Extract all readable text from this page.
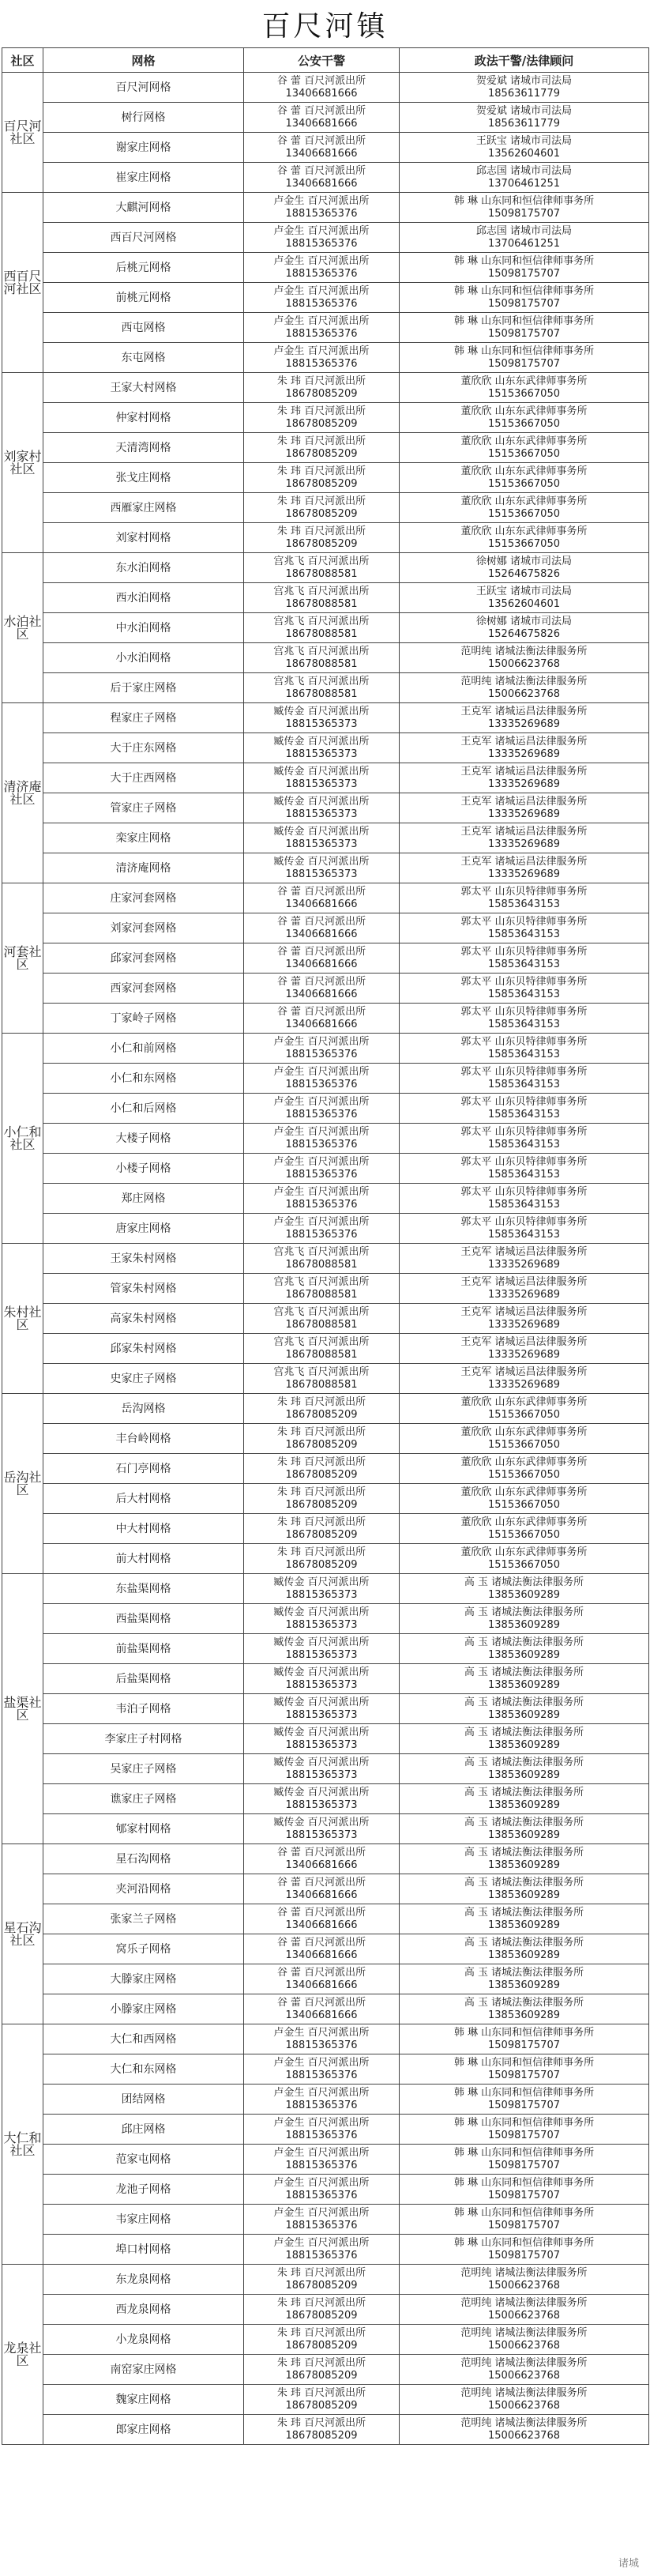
百尺河镇
社区	网格	公安干警	政法干警/法律顾问
百尺河社区	百尺河网格	谷 蕾 百尺河派出所
13406681666	贺爱斌 诸城市司法局
18563611779

	树行网格	谷 蕾 百尺河派出所
13406681666	贺爱斌 诸城市司法局
18563611779

	谢家庄网格	谷 蕾 百尺河派出所
13406681666	王跃宝 诸城市司法局
13562604601

	崔家庄网格	谷 蕾 百尺河派出所
13406681666	邱志国 诸城市司法局
13706461251

西百尺河社区	大麒河网格	卢金生 百尺河派出所
18815365376	韩 琳 山东同和恒信律师事务所
15098175707

	西百尺河网格	卢金生 百尺河派出所
18815365376	邱志国 诸城市司法局
13706461251

	后桃元网格	卢金生 百尺河派出所
18815365376	韩 琳 山东同和恒信律师事务所
15098175707

	前桃元网格	卢金生 百尺河派出所
18815365376	韩 琳 山东同和恒信律师事务所
15098175707

	西屯网格	卢金生 百尺河派出所
18815365376	韩 琳 山东同和恒信律师事务所
15098175707

	东屯网格	卢金生 百尺河派出所
18815365376	韩 琳 山东同和恒信律师事务所
15098175707

刘家村社区	王家大村网格	朱 玮 百尺河派出所
18678085209	董欣欣 山东东武律师事务所
15153667050

	仲家村网格	朱 玮 百尺河派出所
18678085209	董欣欣 山东东武律师事务所
15153667050

	天清湾网格	朱 玮 百尺河派出所
18678085209	董欣欣 山东东武律师事务所
15153667050

	张戈庄网格	朱 玮 百尺河派出所
18678085209	董欣欣 山东东武律师事务所
15153667050

	西雁家庄网格	朱 玮 百尺河派出所
18678085209	董欣欣 山东东武律师事务所
15153667050

	刘家村网格	朱 玮 百尺河派出所
18678085209	董欣欣 山东东武律师事务所
15153667050

水泊社区	东水泊网格	宫兆飞 百尺河派出所
18678088581	徐树娜 诸城市司法局
15264675826

	西水泊网格	宫兆飞 百尺河派出所
18678088581	王跃宝 诸城市司法局
13562604601

	中水泊网格	宫兆飞 百尺河派出所
18678088581	徐树娜 诸城市司法局
15264675826

	小水泊网格	宫兆飞 百尺河派出所
18678088581	范明纯 诸城法衡法律服务所
15006623768

	后于家庄网格	宫兆飞 百尺河派出所
18678088581	范明纯 诸城法衡法律服务所
15006623768

清济庵社区	程家庄子网格	臧传金 百尺河派出所
18815365373	王克军 诸城运昌法律服务所
13335269689

	大于庄东网格	臧传金 百尺河派出所
18815365373	王克军 诸城运昌法律服务所
13335269689

	大于庄西网格	臧传金 百尺河派出所
18815365373	王克军 诸城运昌法律服务所
13335269689

	管家庄子网格	臧传金 百尺河派出所
18815365373	王克军 诸城运昌法律服务所
13335269689

	栾家庄网格	臧传金 百尺河派出所
18815365373	王克军 诸城运昌法律服务所
13335269689

	清济庵网格	臧传金 百尺河派出所
18815365373	王克军 诸城运昌法律服务所
13335269689

河套社区	庄家河套网格	谷 蕾 百尺河派出所
13406681666	郭太平 山东贝特律师事务所
15853643153

	刘家河套网格	谷 蕾 百尺河派出所
13406681666	郭太平 山东贝特律师事务所
15853643153

	邱家河套网格	谷 蕾 百尺河派出所
13406681666	郭太平 山东贝特律师事务所
15853643153

	西家河套网格	谷 蕾 百尺河派出所
13406681666	郭太平 山东贝特律师事务所
15853643153

	丁家岭子网格	谷 蕾 百尺河派出所
13406681666	郭太平 山东贝特律师事务所
15853643153

小仁和社区	小仁和前网格	卢金生 百尺河派出所
18815365376	郭太平 山东贝特律师事务所
15853643153

	小仁和东网格	卢金生 百尺河派出所
18815365376	郭太平 山东贝特律师事务所
15853643153

	小仁和后网格	卢金生 百尺河派出所
18815365376	郭太平 山东贝特律师事务所
15853643153

	大楼子网格	卢金生 百尺河派出所
18815365376	郭太平 山东贝特律师事务所
15853643153

	小楼子网格	卢金生 百尺河派出所
18815365376	郭太平 山东贝特律师事务所
15853643153

	郑庄网格	卢金生 百尺河派出所
18815365376	郭太平 山东贝特律师事务所
15853643153

	唐家庄网格	卢金生 百尺河派出所
18815365376	郭太平 山东贝特律师事务所
15853643153

朱村社区	王家朱村网格	宫兆飞 百尺河派出所
18678088581	王克军 诸城运昌法律服务所
13335269689

	管家朱村网格	宫兆飞 百尺河派出所
18678088581	王克军 诸城运昌法律服务所
13335269689

	高家朱村网格	宫兆飞 百尺河派出所
18678088581	王克军 诸城运昌法律服务所
13335269689

	邱家朱村网格	宫兆飞 百尺河派出所
18678088581	王克军 诸城运昌法律服务所
13335269689

	史家庄子网格	宫兆飞 百尺河派出所
18678088581	王克军 诸城运昌法律服务所
13335269689

岳沟社区	岳沟网格	朱 玮 百尺河派出所
18678085209	董欣欣 山东东武律师事务所
15153667050

	丰台岭网格	朱 玮 百尺河派出所
18678085209	董欣欣 山东东武律师事务所
15153667050

	石门亭网格	朱 玮 百尺河派出所
18678085209	董欣欣 山东东武律师事务所
15153667050

	后大村网格	朱 玮 百尺河派出所
18678085209	董欣欣 山东东武律师事务所
15153667050

	中大村网格	朱 玮 百尺河派出所
18678085209	董欣欣 山东东武律师事务所
15153667050

	前大村网格	朱 玮 百尺河派出所
18678085209	董欣欣 山东东武律师事务所
15153667050

盐渠社区	东盐渠网格	臧传金 百尺河派出所
18815365373	高 玉 诸城法衡法律服务所
13853609289

	西盐渠网格	臧传金 百尺河派出所
18815365373	高 玉 诸城法衡法律服务所
13853609289

	前盐渠网格	臧传金 百尺河派出所
18815365373	高 玉 诸城法衡法律服务所
13853609289

	后盐渠网格	臧传金 百尺河派出所
18815365373	高 玉 诸城法衡法律服务所
13853609289

	韦泊子网格	臧传金 百尺河派出所
18815365373	高 玉 诸城法衡法律服务所
13853609289

	李家庄子村网格	臧传金 百尺河派出所
18815365373	高 玉 诸城法衡法律服务所
13853609289

	吴家庄子网格	臧传金 百尺河派出所
18815365373	高 玉 诸城法衡法律服务所
13853609289

	谯家庄子网格	臧传金 百尺河派出所
18815365373	高 玉 诸城法衡法律服务所
13853609289

	郇家村网格	臧传金 百尺河派出所
18815365373	高 玉 诸城法衡法律服务所
13853609289

星石沟社区	星石沟网格	谷 蕾 百尺河派出所
13406681666	高 玉 诸城法衡法律服务所
13853609289

	夹河沿网格	谷 蕾 百尺河派出所
13406681666	高 玉 诸城法衡法律服务所
13853609289

	张家兰子网格	谷 蕾 百尺河派出所
13406681666	高 玉 诸城法衡法律服务所
13853609289

	窝乐子网格	谷 蕾 百尺河派出所
13406681666	高 玉 诸城法衡法律服务所
13853609289

	大滕家庄网格	谷 蕾 百尺河派出所
13406681666	高 玉 诸城法衡法律服务所
13853609289

	小滕家庄网格	谷 蕾 百尺河派出所
13406681666	高 玉 诸城法衡法律服务所
13853609289

大仁和社区	大仁和西网格	卢金生 百尺河派出所
18815365376	韩 琳 山东同和恒信律师事务所
15098175707

	大仁和东网格	卢金生 百尺河派出所
18815365376	韩 琳 山东同和恒信律师事务所
15098175707

	团结网格	卢金生 百尺河派出所
18815365376	韩 琳 山东同和恒信律师事务所
15098175707

	邱庄网格	卢金生 百尺河派出所
18815365376	韩 琳 山东同和恒信律师事务所
15098175707

	范家屯网格	卢金生 百尺河派出所
18815365376	韩 琳 山东同和恒信律师事务所
15098175707

	龙池子网格	卢金生 百尺河派出所
18815365376	韩 琳 山东同和恒信律师事务所
15098175707

	韦家庄网格	卢金生 百尺河派出所
18815365376	韩 琳 山东同和恒信律师事务所
15098175707

	埠口村网格	卢金生 百尺河派出所
18815365376	韩 琳 山东同和恒信律师事务所
15098175707

龙泉社区	东龙泉网格	朱 玮 百尺河派出所
18678085209	范明纯 诸城法衡法律服务所
15006623768

	西龙泉网格	朱 玮 百尺河派出所
18678085209	范明纯 诸城法衡法律服务所
15006623768

	小龙泉网格	朱 玮 百尺河派出所
18678085209	范明纯 诸城法衡法律服务所
15006623768

	南窑家庄网格	朱 玮 百尺河派出所
18678085209	范明纯 诸城法衡法律服务所
15006623768

	魏家庄网格	朱 玮 百尺河派出所
18678085209	范明纯 诸城法衡法律服务所
15006623768

	郎家庄网格	朱 玮 百尺河派出所
18678085209	范明纯 诸城法衡法律服务所
15006623768
诸城
